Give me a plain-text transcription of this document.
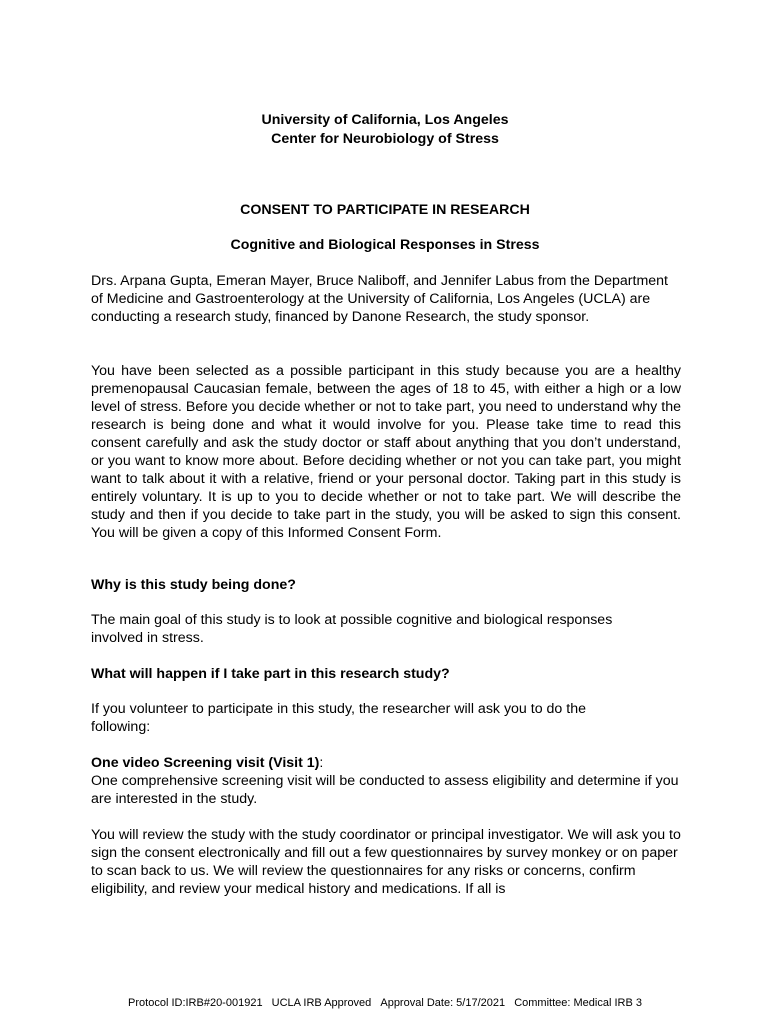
University of California, Los Angeles
Center for Neurobiology of Stress
CONSENT TO PARTICIPATE IN RESEARCH
Cognitive and Biological Responses in Stress
Drs. Arpana Gupta, Emeran Mayer, Bruce Naliboff, and Jennifer Labus from the Department of Medicine and Gastroenterology at the University of California, Los Angeles (UCLA) are conducting a research study, financed by Danone Research, the study sponsor.
You have been selected as a possible participant in this study because you are a healthy premenopausal Caucasian female, between the ages of 18 to 45, with either a high or a low level of stress. Before you decide whether or not to take part, you need to understand why the research is being done and what it would involve for you. Please take time to read this consent carefully and ask the study doctor or staff about anything that you don’t understand, or you want to know more about. Before deciding whether or not you can take part, you might want to talk about it with a relative, friend or your personal doctor. Taking part in this study is entirely voluntary. It is up to you to decide whether or not to take part. We will describe the study and then if you decide to take part in the study, you will be asked to sign this consent. You will be given a copy of this Informed Consent Form.
Why is this study being done?
The main goal of this study is to look at possible cognitive and biological responses involved in stress.
What will happen if I take part in this research study?
If you volunteer to participate in this study, the researcher will ask you to do the following:
One video Screening visit (Visit 1):
One comprehensive screening visit will be conducted to assess eligibility and determine if you are interested in the study.
You will review the study with the study coordinator or principal investigator. We will ask you to sign the consent electronically and fill out a few questionnaires by survey monkey or on paper to scan back to us. We will review the questionnaires for any risks or concerns, confirm eligibility, and review your medical history and medications. If all is
Protocol ID:IRB#20-001921 UCLA IRB Approved Approval Date: 5/17/2021 Committee: Medical IRB 3
